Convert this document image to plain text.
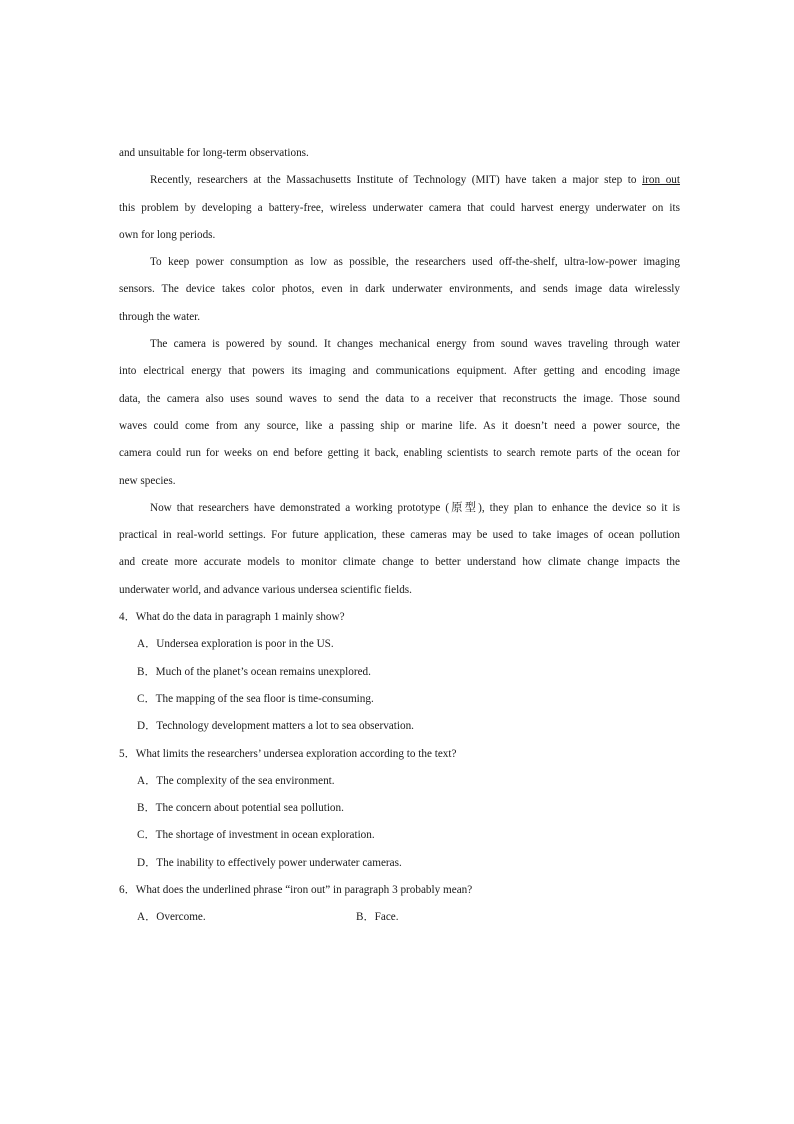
and unsuitable for long-term observations.
Recently, researchers at the Massachusetts Institute of Technology (MIT) have taken a major step to iron out
this problem by developing a battery-free, wireless underwater camera that could harvest energy underwater on its
own for long periods.
To keep power consumption as low as possible, the researchers used off-the-shelf, ultra-low-power imaging
sensors. The device takes color photos, even in dark underwater environments, and sends image data wirelessly
through the water.
The camera is powered by sound. It changes mechanical energy from sound waves traveling through water
into electrical energy that powers its imaging and communications equipment. After getting and encoding image
data, the camera also uses sound waves to send the data to a receiver that reconstructs the image. Those sound
waves could come from any source, like a passing ship or marine life. As it doesn’t need a power source, the
camera could run for weeks on end before getting it back, enabling scientists to search remote parts of the ocean for
new species.
Now that researchers have demonstrated a working prototype (原型), they plan to enhance the device so it is
practical in real-world settings. For future application, these cameras may be used to take images of ocean pollution
and create more accurate models to monitor climate change to better understand how climate change impacts the
underwater world, and advance various undersea scientific fields.
4．What do the data in paragraph 1 mainly show?
A．Undersea exploration is poor in the US.
B．Much of the planet’s ocean remains unexplored.
C．The mapping of the sea floor is time-consuming.
D．Technology development matters a lot to sea observation.
5．What limits the researchers’ undersea exploration according to the text?
A．The complexity of the sea environment.
B．The concern about potential sea pollution.
C．The shortage of investment in ocean exploration.
D．The inability to effectively power underwater cameras.
6．What does the underlined phrase “iron out” in paragraph 3 probably mean?
A．Overcome.	B．Face.
